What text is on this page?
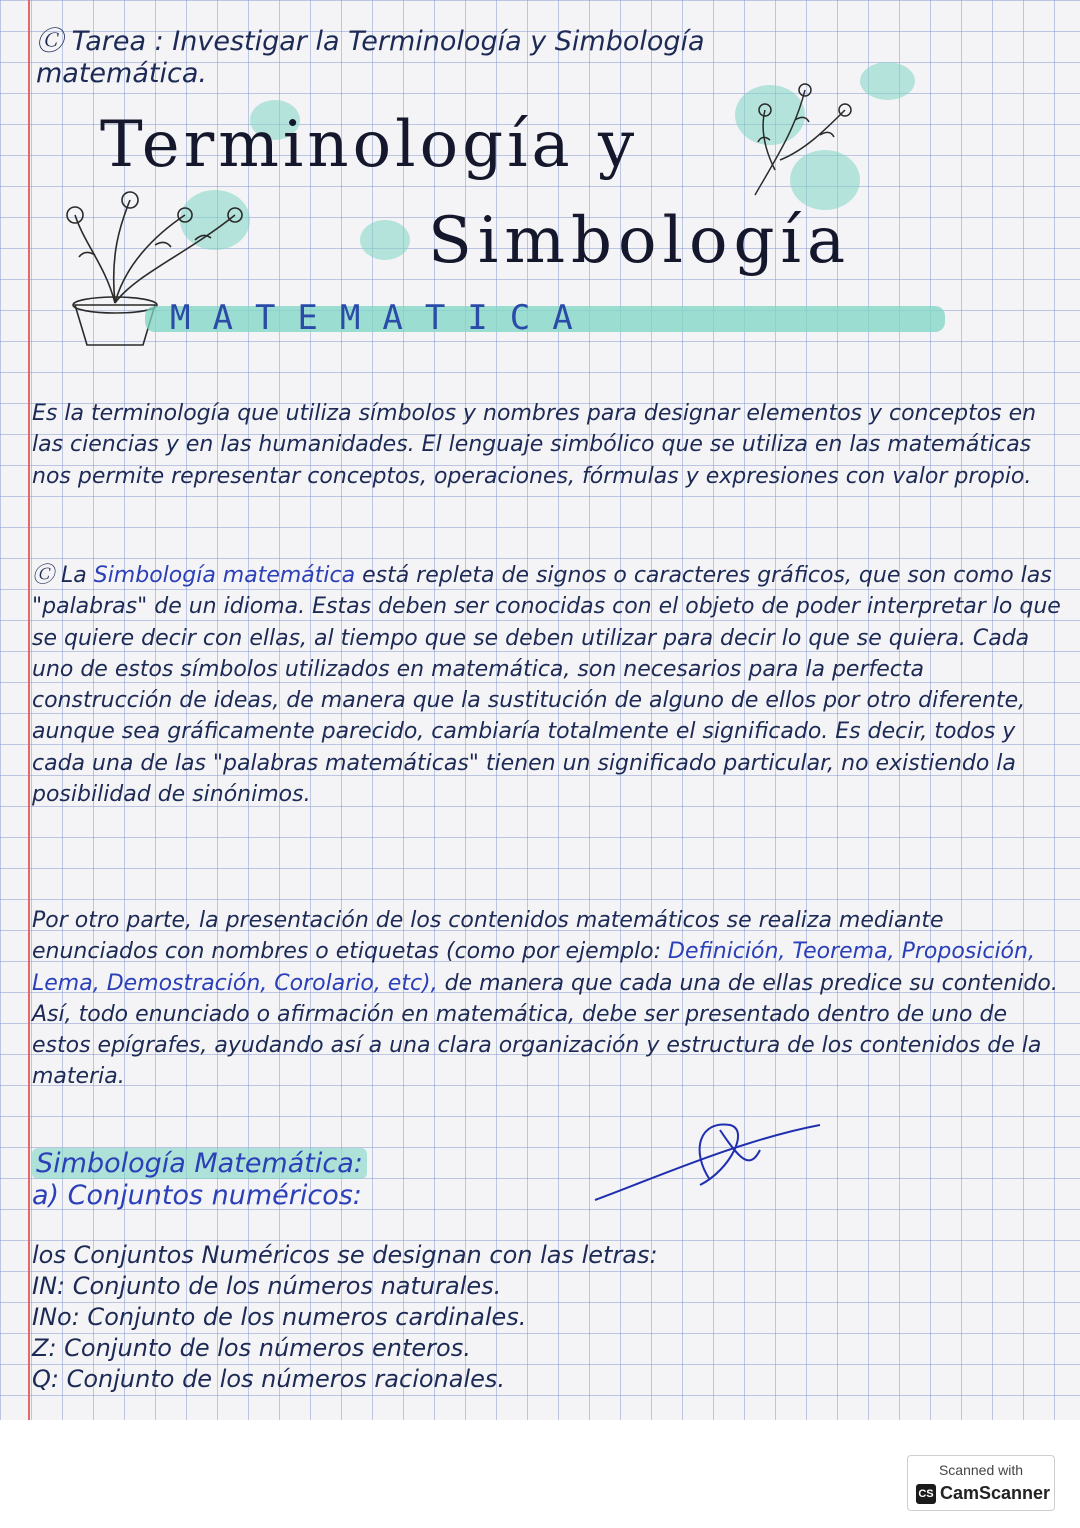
Ⓒ Tarea : Investigar la Terminología y Simbología
matemática.
Terminología y
Simbología
MATEMATICA

Es la terminología que utiliza símbolos y nombres para designar elementos y conceptos en las ciencias y en las humanidades. El lenguaje simbólico que se utiliza en las matemáticas nos permite representar conceptos, operaciones, fórmulas y expresiones con valor propio.

Ⓒ La Simbología matemática está repleta de signos o caracteres gráficos, que son como las "palabras" de un idioma. Estas deben ser conocidas con el objeto de poder interpretar lo que se quiere decir con ellas, al tiempo que se deben utilizar para decir lo que se quiera. Cada uno de estos símbolos utilizados en matemática, son necesarios para la perfecta construcción de ideas, de manera que la sustitución de alguno de ellos por otro diferente, aunque sea gráficamente parecido, cambiaría totalmente el significado. Es decir, todos y cada una de las "palabras matemáticas" tienen un significado particular, no existiendo la posibilidad de sinónimos.

Por otro parte, la presentación de los contenidos matemáticos se realiza mediante enunciados con nombres o etiquetas (como por ejemplo: Definición, Teorema, Proposición, Lema, Demostración, Corolario, etc), de manera que cada una de ellas predice su contenido. Así, todo enunciado o afirmación en matemática, debe ser presentado dentro de uno de estos epígrafes, ayudando así a una clara organización y estructura de los contenidos de la materia.

Simbología Matemática:
a) Conjuntos numéricos:
los Conjuntos Numéricos se designan con las letras:
IN: Conjunto de los números naturales.
INo: Conjunto de los numeros cardinales.
Z: Conjunto de los números enteros.
Q: Conjunto de los números racionales.
Scanned with
CS CamScanner
